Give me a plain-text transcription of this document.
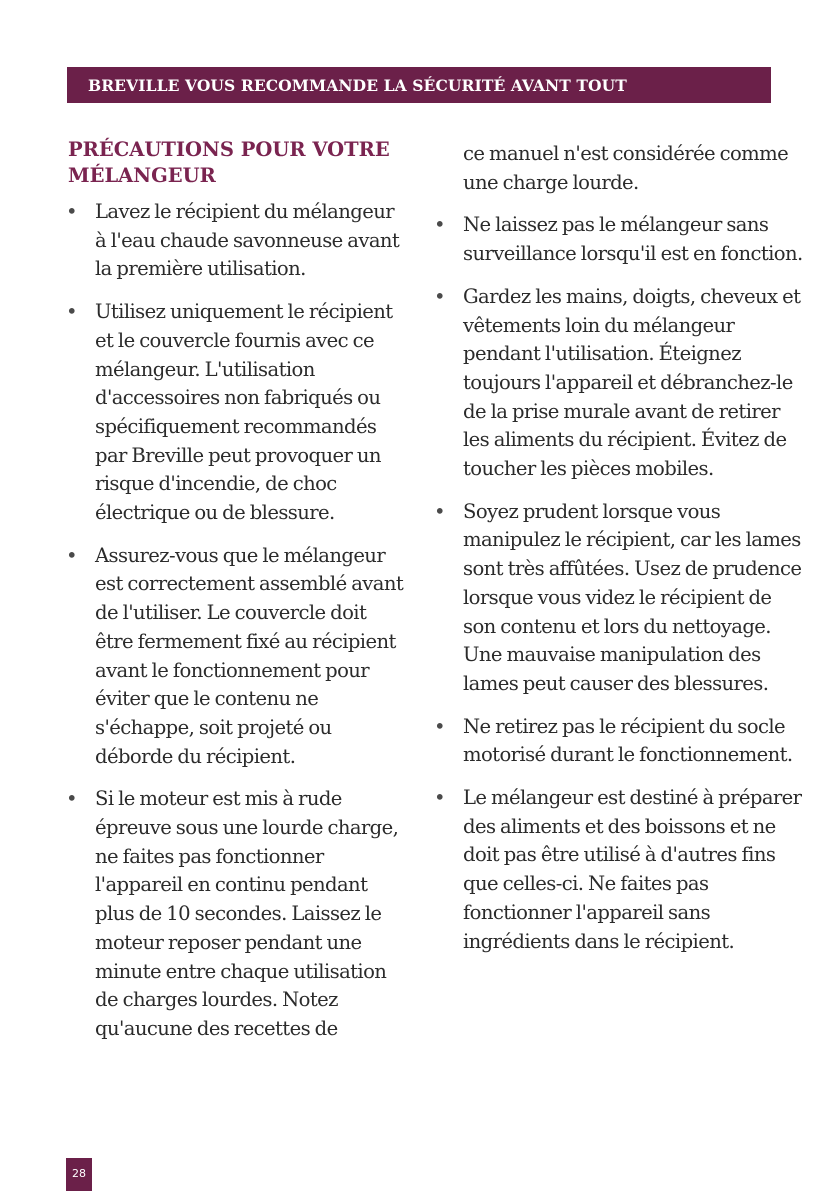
BREVILLE VOUS RECOMMANDE LA SÉCURITÉ AVANT TOUT
PRÉCAUTIONS POUR VOTRE MÉLANGEUR
• Lavez le récipient du mélangeur à l'eau chaude savonneuse avant la première utilisation.
• Utilisez uniquement le récipient et le couvercle fournis avec ce mélangeur. L'utilisation d'accessoires non fabriqués ou spécifiquement recommandés par Breville peut provoquer un risque d'incendie, de choc électrique ou de blessure.
• Assurez-vous que le mélangeur est correctement assemblé avant de l'utiliser. Le couvercle doit être fermement fixé au récipient avant le fonctionnement pour éviter que le contenu ne s'échappe, soit projeté ou déborde du récipient.
• Si le moteur est mis à rude épreuve sous une lourde charge, ne faites pas fonctionner l'appareil en continu pendant plus de 10 secondes. Laissez le moteur reposer pendant une minute entre chaque utilisation de charges lourdes. Notez qu'aucune des recettes de
ce manuel n'est considérée comme une charge lourde.
• Ne laissez pas le mélangeur sans surveillance lorsqu'il est en fonction.
• Gardez les mains, doigts, cheveux et vêtements loin du mélangeur pendant l'utilisation. Éteignez toujours l'appareil et débranchez-le de la prise murale avant de retirer les aliments du récipient. Évitez de toucher les pièces mobiles.
• Soyez prudent lorsque vous manipulez le récipient, car les lames sont très affûtées. Usez de prudence lorsque vous videz le récipient de son contenu et lors du nettoyage. Une mauvaise manipulation des lames peut causer des blessures.
• Ne retirez pas le récipient du socle motorisé durant le fonctionnement.
• Le mélangeur est destiné à préparer des aliments et des boissons et ne doit pas être utilisé à d'autres fins que celles-ci. Ne faites pas fonctionner l'appareil sans ingrédients dans le récipient.
28
